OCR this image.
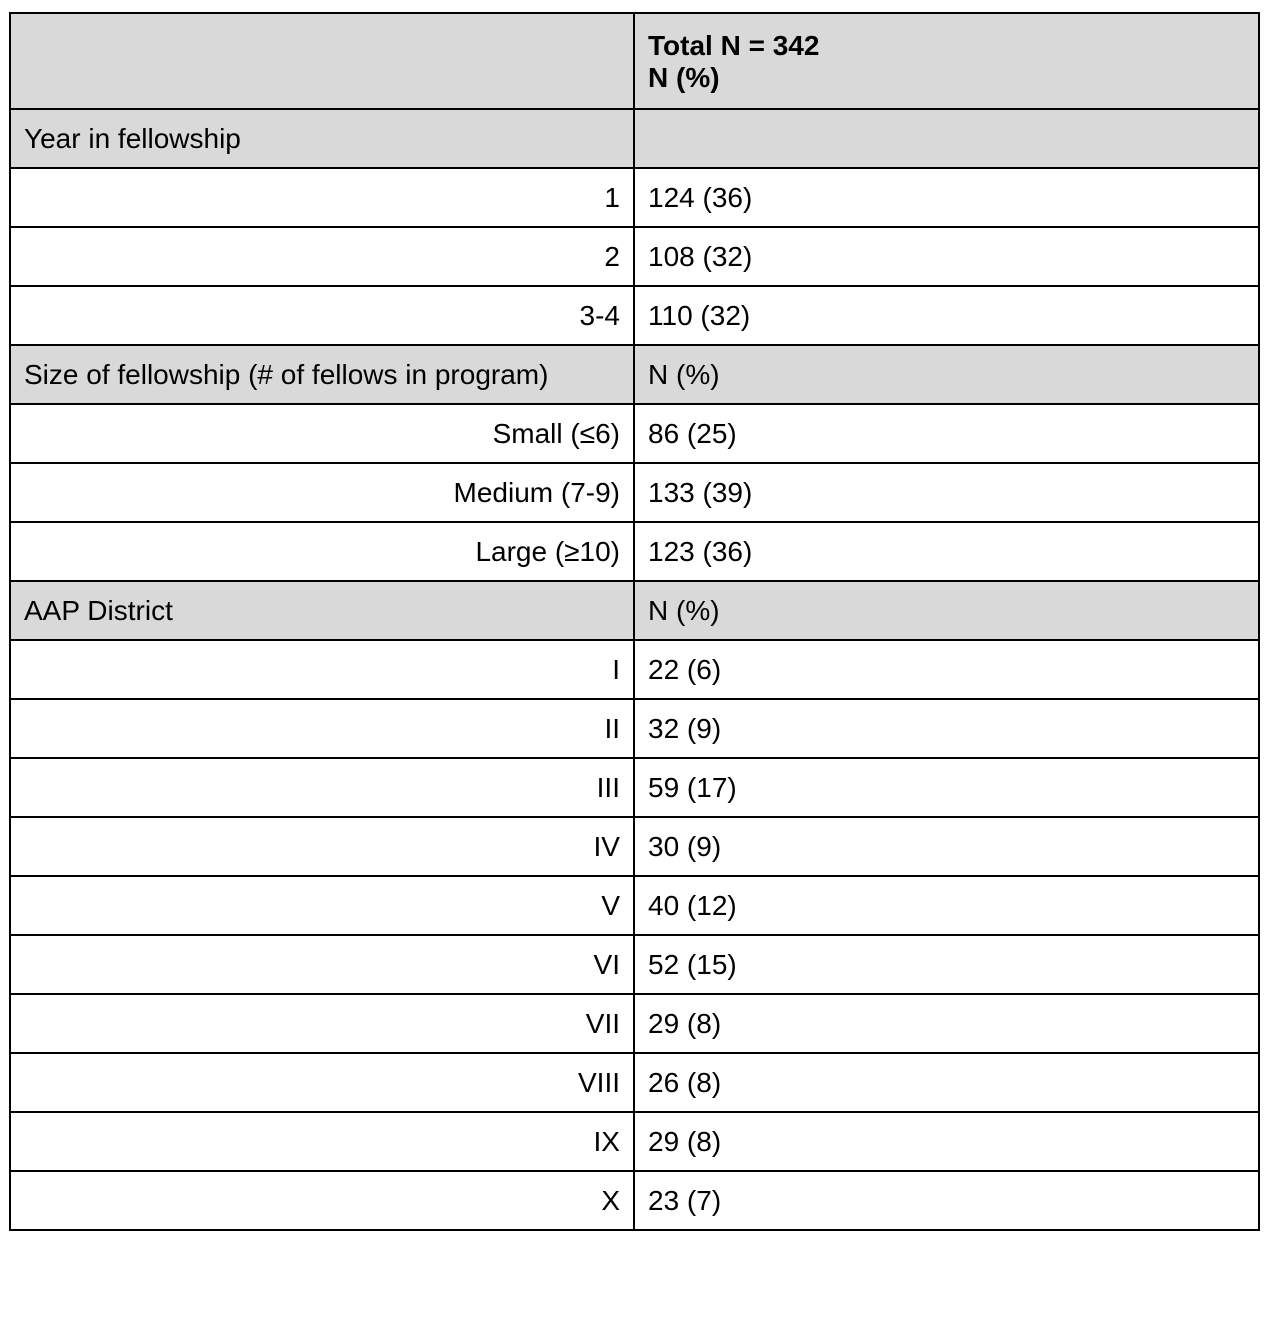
	Total N = 342
N (%)

Year in fellowship	
1	124 (36)
2	108 (32)
3-4	110 (32)
Size of fellowship (# of fellows in program)	N (%)
Small (≤6)	86 (25)
Medium (7-9)	133 (39)
Large (≥10)	123 (36)
AAP District	N (%)
I	22 (6)
II	32 (9)
III	59 (17)
IV	30 (9)
V	40 (12)
VI	52 (15)
VII	29 (8)
VIII	26 (8)
IX	29 (8)
X	23 (7)
